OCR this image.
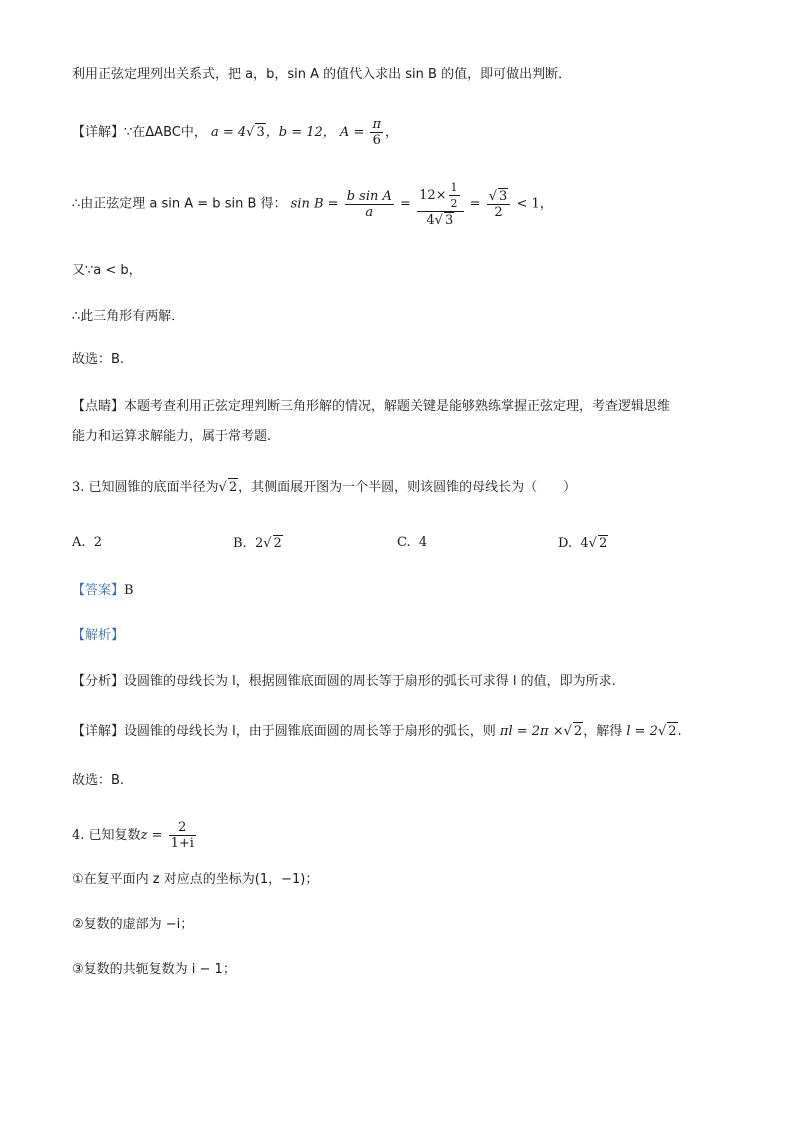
利用正弦定理列出关系式，把 a，b，sin A 的值代入求出 sin B 的值，即可做出判断．
【详解】∵在ΔABC中， a = 4√ 3，b = 12， $A = \frac{\pi}{6}$ ，
∴由正弦定理 a sin A = b sin B 得： $\sin B = \frac{\text{b sin A}}{a} = \frac{12\times \frac{1}{2}}{4√ 3} = \frac{√ 3}{2} < 1$，
又∵a < b，
∴此三角形有两解．
故选：B.
【点睛】本题考查利用正弦定理判断三角形解的情况，解题关键是能够熟练掌握正弦定理，考查逻辑思维
能力和运算求解能力，属于常考题.
3. 已知圆锥的底面半径为√ 2，其侧面展开图为一个半圆，则该圆锥的母线长为（　　）
A. 2	B. 2√ 2	C. 4	D. 4√ 2
【答案】B
【解析】
【分析】设圆锥的母线长为 l，根据圆锥底面圆的周长等于扇形的弧长可求得 l 的值，即为所求.
【详解】设圆锥的母线长为 l，由于圆锥底面圆的周长等于扇形的弧长，则 πl = 2π ×√ 2，解得 l = 2√ 2.
故选：B.
4. 已知复数$z = \frac{2}{1+i}$
①在复平面内 z 对应点的坐标为(1，−1)；
②复数的虚部为 −i；
③复数的共轭复数为 i − 1；
